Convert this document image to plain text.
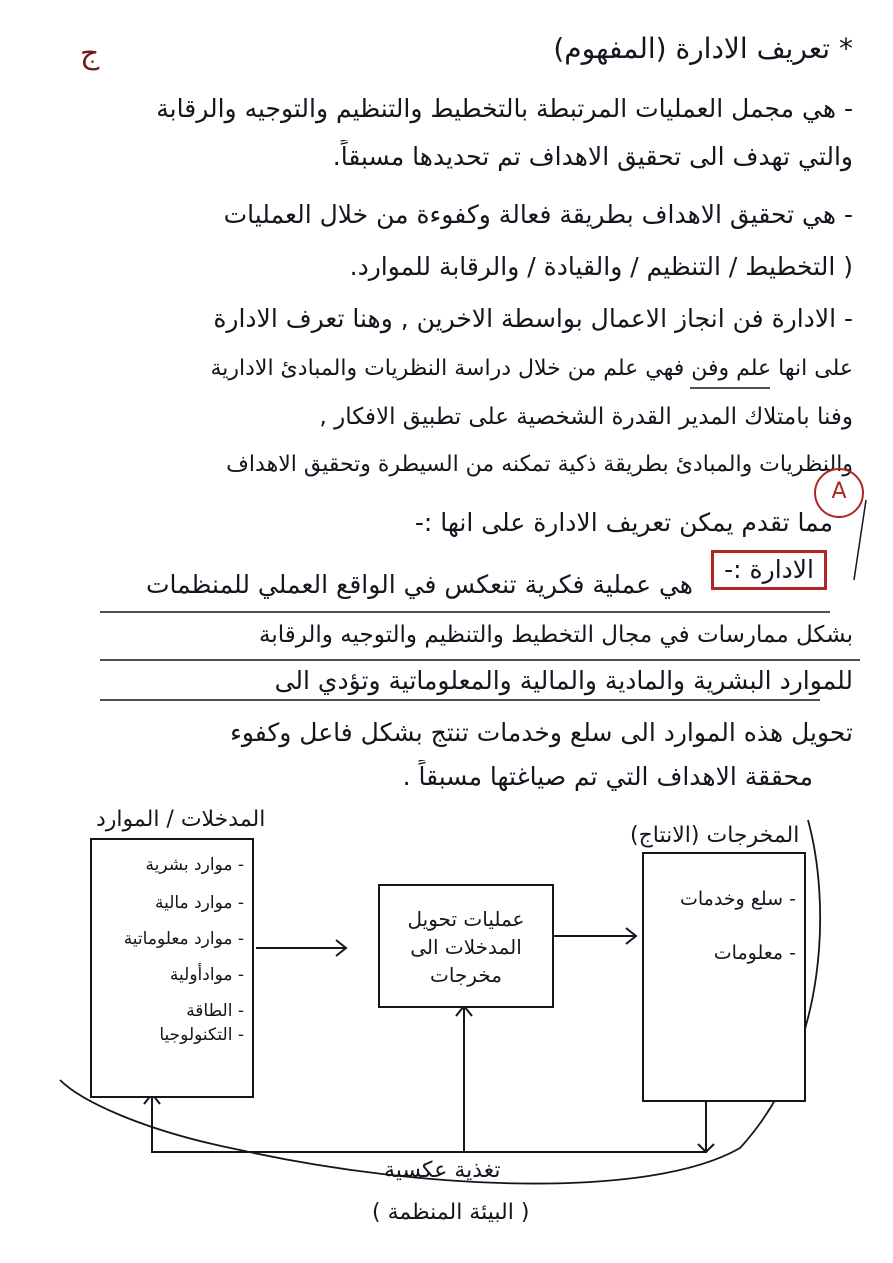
* تعريف الادارة (المفهوم)
ج
- هي مجمل العمليات المرتبطة بالتخطيط والتنظيم والتوجيه والرقابة
والتي تهدف الى تحقيق الاهداف تم تحديدها مسبقاً.
- هي تحقيق الاهداف بطريقة فعالة وكفوءة من خلال العمليات
( التخطيط / التنظيم / والقيادة / والرقابة للموارد.
- الادارة فن انجاز الاعمال بواسطة الاخرين , وهنا تعرف الادارة
على انها علم وفن فهي علم من خلال دراسة النظريات والمبادئ الادارية
وفنا بامتلاك المدير القدرة الشخصية على تطبيق الافكار ,
والنظريات والمبادئ بطريقة ذكية تمكنه من السيطرة وتحقيق الاهداف
A
مما تقدم يمكن تعريف الادارة على انها :-
الادارة :-
هي عملية فكرية تنعكس في الواقع العملي للمنظمات
بشكل ممارسات في مجال التخطيط والتنظيم والتوجيه والرقابة
للموارد البشرية والمادية والمالية والمعلوماتية وتؤدي الى
تحويل هذه الموارد الى سلع وخدمات تنتج بشكل فاعل وكفوء
محققة الاهداف التي تم صياغتها مسبقاً .
المدخلات / الموارد
- موارد بشرية
- موارد مالية
- موارد معلوماتية
- موادأولية
- الطاقة
- التكنولوجيا
عمليات تحويل
المدخلات الى
مخرجات
المخرجات (الانتاج)
- سلع وخدمات
- معلومات
تغذية عكسية
( البيئة المنظمة )
